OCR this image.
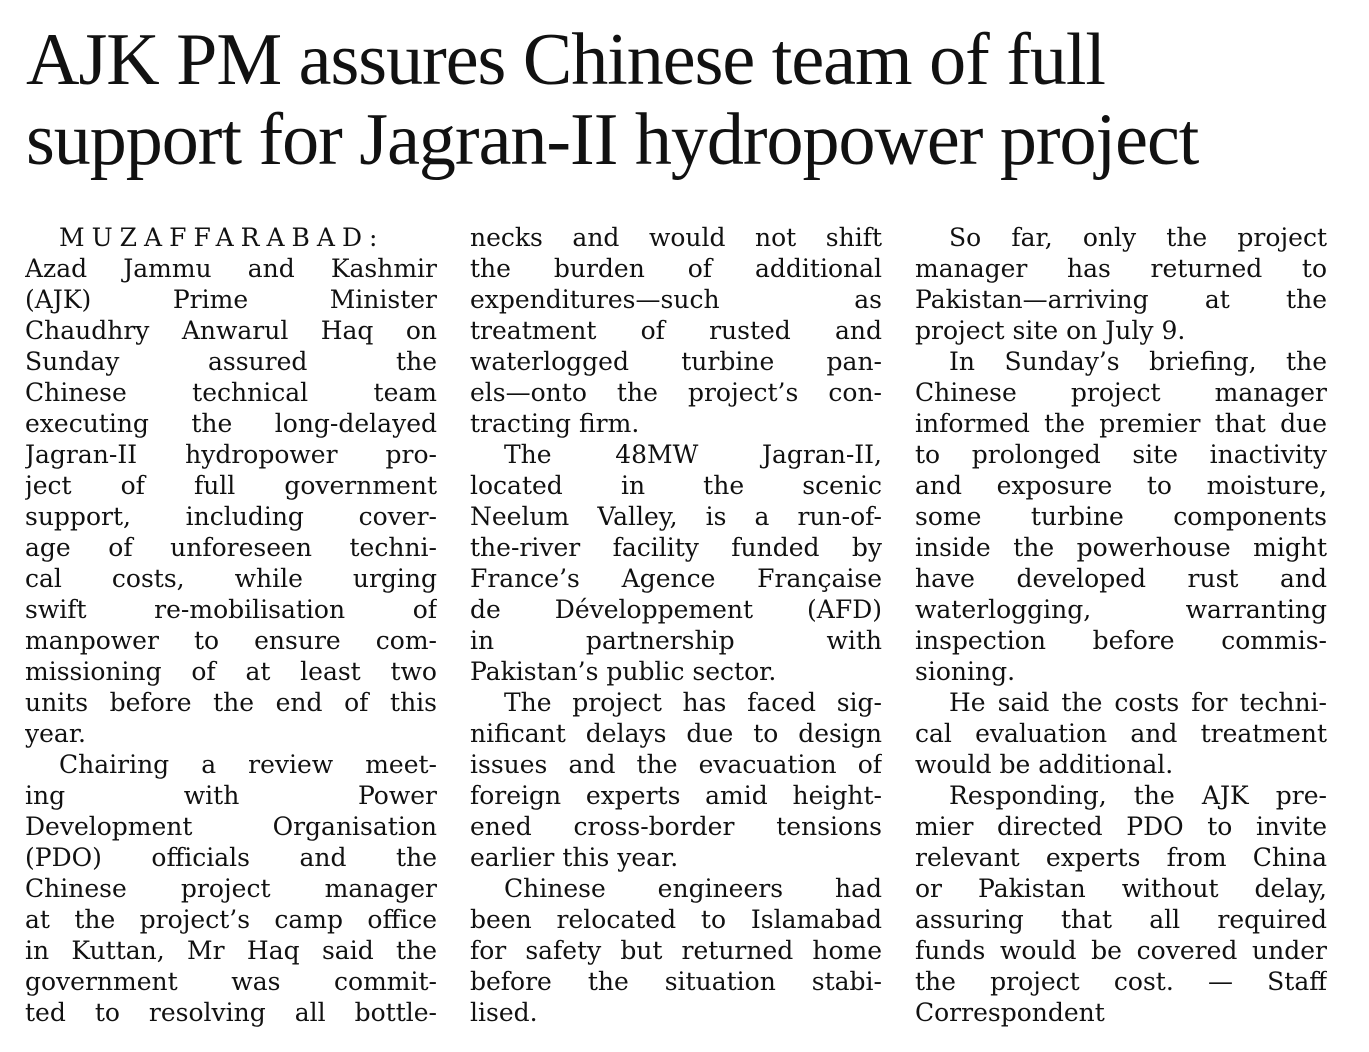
AJK PM assures Chinese team of full
support for Jagran-II hydropower project
MUZAFFARABAD:
Azad Jammu and Kashmir
(AJK) Prime Minister
Chaudhry Anwarul Haq on
Sunday assured the
Chinese technical team
executing the long-delayed
Jagran-II hydropower pro-
ject of full government
support, including cover-
age of unforeseen techni-
cal costs, while urging
swift re-mobilisation of
manpower to ensure com-
missioning of at least two
units before the end of this
year.
Chairing a review meet-
ing with Power
Development Organisation
(PDO) officials and the
Chinese project manager
at the project’s camp office
in Kuttan, Mr Haq said the
government was commit-
ted to resolving all bottle-
necks and would not shift
the burden of additional
expenditures—such as
treatment of rusted and
waterlogged turbine pan-
els—onto the project’s con-
tracting firm.
The 48MW Jagran-II,
located in the scenic
Neelum Valley, is a run-of-
the-river facility funded by
France’s Agence Française
de Développement (AFD)
in partnership with
Pakistan’s public sector.
The project has faced sig-
nificant delays due to design
issues and the evacuation of
foreign experts amid height-
ened cross-border tensions
earlier this year.
Chinese engineers had
been relocated to Islamabad
for safety but returned home
before the situation stabi-
lised.
So far, only the project
manager has returned to
Pakistan—arriving at the
project site on July 9.
In Sunday’s briefing, the
Chinese project manager
informed the premier that due
to prolonged site inactivity
and exposure to moisture,
some turbine components
inside the powerhouse might
have developed rust and
waterlogging, warranting
inspection before commis-
sioning.
He said the costs for techni-
cal evaluation and treatment
would be additional.
Responding, the AJK pre-
mier directed PDO to invite
relevant experts from China
or Pakistan without delay,
assuring that all required
funds would be covered under
the project cost. — Staff
Correspondent
